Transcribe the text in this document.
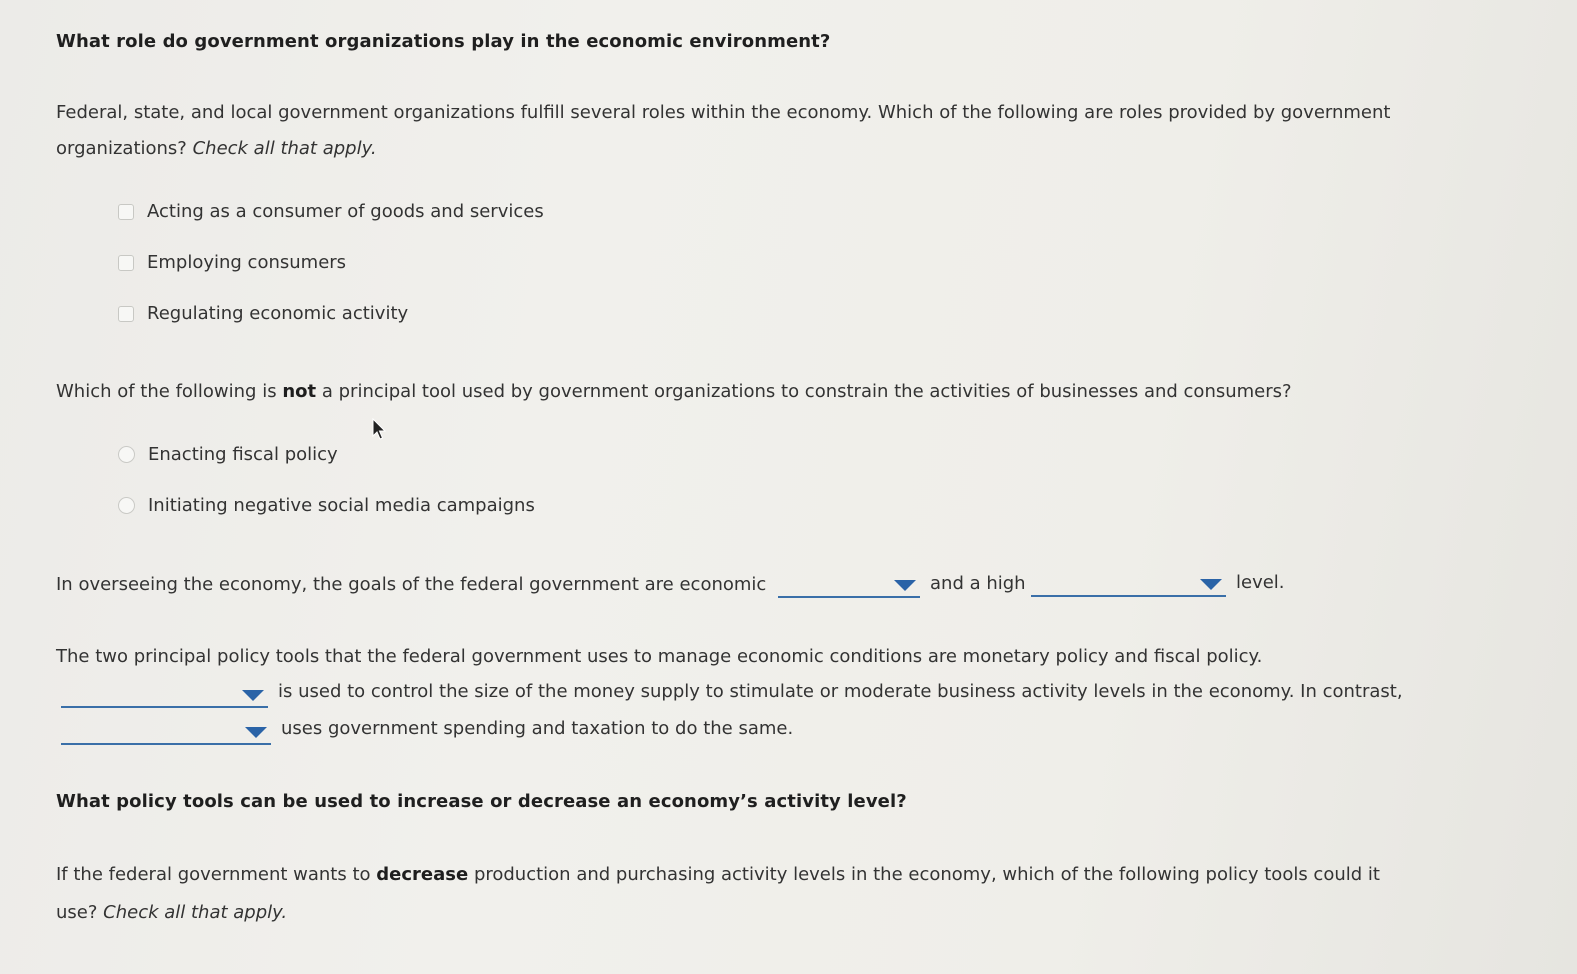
What role do government organizations play in the economic environment?
Federal, state, and local government organizations fulfill several roles within the economy. Which of the following are roles provided by government
organizations? Check all that apply.
Acting as a consumer of goods and services
Employing consumers
Regulating economic activity
Which of the following is not a principal tool used by government organizations to constrain the activities of businesses and consumers?
Enacting fiscal policy
Initiating negative social media campaigns
In overseeing the economy, the goals of the federal government are economic	and a high	level.
The two principal policy tools that the federal government uses to manage economic conditions are monetary policy and fiscal policy.
is used to control the size of the money supply to stimulate or moderate business activity levels in the economy. In contrast,
uses government spending and taxation to do the same.
What policy tools can be used to increase or decrease an economy’s activity level?
If the federal government wants to decrease production and purchasing activity levels in the economy, which of the following policy tools could it
use? Check all that apply.
